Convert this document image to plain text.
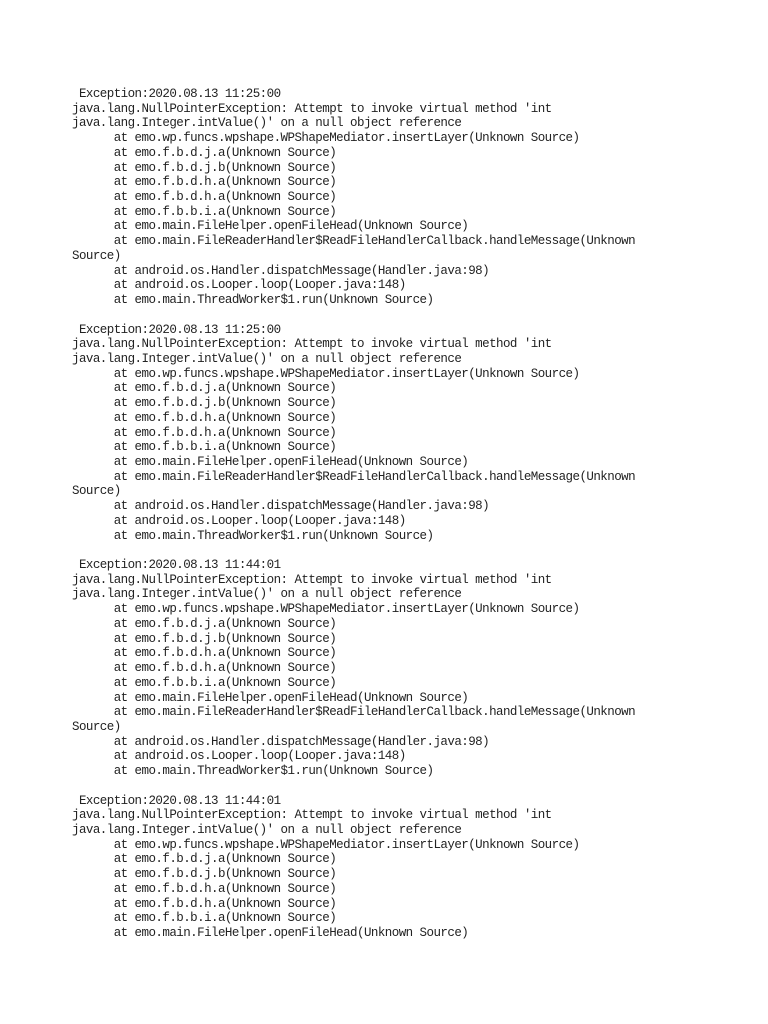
Exception:2020.08.13 11:25:00
java.lang.NullPointerException: Attempt to invoke virtual method 'int
java.lang.Integer.intValue()' on a null object reference
at emo.wp.funcs.wpshape.WPShapeMediator.insertLayer(Unknown Source)
at emo.f.b.d.j.a(Unknown Source)
at emo.f.b.d.j.b(Unknown Source)
at emo.f.b.d.h.a(Unknown Source)
at emo.f.b.d.h.a(Unknown Source)
at emo.f.b.b.i.a(Unknown Source)
at emo.main.FileHelper.openFileHead(Unknown Source)
at emo.main.FileReaderHandler$ReadFileHandlerCallback.handleMessage(Unknown
Source)
at android.os.Handler.dispatchMessage(Handler.java:98)
at android.os.Looper.loop(Looper.java:148)
at emo.main.ThreadWorker$1.run(Unknown Source)
Exception:2020.08.13 11:25:00
java.lang.NullPointerException: Attempt to invoke virtual method 'int
java.lang.Integer.intValue()' on a null object reference
at emo.wp.funcs.wpshape.WPShapeMediator.insertLayer(Unknown Source)
at emo.f.b.d.j.a(Unknown Source)
at emo.f.b.d.j.b(Unknown Source)
at emo.f.b.d.h.a(Unknown Source)
at emo.f.b.d.h.a(Unknown Source)
at emo.f.b.b.i.a(Unknown Source)
at emo.main.FileHelper.openFileHead(Unknown Source)
at emo.main.FileReaderHandler$ReadFileHandlerCallback.handleMessage(Unknown
Source)
at android.os.Handler.dispatchMessage(Handler.java:98)
at android.os.Looper.loop(Looper.java:148)
at emo.main.ThreadWorker$1.run(Unknown Source)
Exception:2020.08.13 11:44:01
java.lang.NullPointerException: Attempt to invoke virtual method 'int
java.lang.Integer.intValue()' on a null object reference
at emo.wp.funcs.wpshape.WPShapeMediator.insertLayer(Unknown Source)
at emo.f.b.d.j.a(Unknown Source)
at emo.f.b.d.j.b(Unknown Source)
at emo.f.b.d.h.a(Unknown Source)
at emo.f.b.d.h.a(Unknown Source)
at emo.f.b.b.i.a(Unknown Source)
at emo.main.FileHelper.openFileHead(Unknown Source)
at emo.main.FileReaderHandler$ReadFileHandlerCallback.handleMessage(Unknown
Source)
at android.os.Handler.dispatchMessage(Handler.java:98)
at android.os.Looper.loop(Looper.java:148)
at emo.main.ThreadWorker$1.run(Unknown Source)
Exception:2020.08.13 11:44:01
java.lang.NullPointerException: Attempt to invoke virtual method 'int
java.lang.Integer.intValue()' on a null object reference
at emo.wp.funcs.wpshape.WPShapeMediator.insertLayer(Unknown Source)
at emo.f.b.d.j.a(Unknown Source)
at emo.f.b.d.j.b(Unknown Source)
at emo.f.b.d.h.a(Unknown Source)
at emo.f.b.d.h.a(Unknown Source)
at emo.f.b.b.i.a(Unknown Source)
at emo.main.FileHelper.openFileHead(Unknown Source)
